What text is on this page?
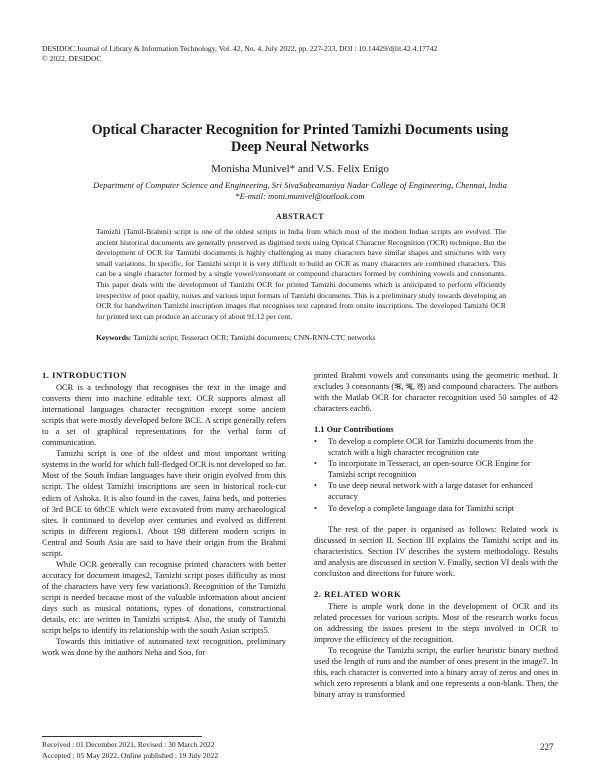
DESIDOC Journal of Library & Information Technology, Vol. 42, No. 4, July 2022, pp. 227-233, DOI : 10.14429/djlit.42.4.17742
© 2022, DESIDOC
Optical Character Recognition for Printed Tamizhi Documents using
Deep Neural Networks
Monisha Munivel* and V.S. Felix Enigo
Department of Computer Science and Engineering, Sri SivaSubramaniya Nadar College of Engineering, Chennai, India
*E-mail: moni.munivel@outlook.com
ABSTRACT
Tamizhi (Tamil-Brahmi) script is one of the oldest scripts in India from which most of the modern Indian scripts are evolved. The ancient historical documents are generally preserved as digitised texts using Optical Character Recognition (OCR) technique. But the development of OCR for Tamizhi documents is highly challenging as many characters have similar shapes and structures with very small variations. In specific, for Tamizhi script it is very difficult to build an OCR as many characters are combined characters. This can be a single character formed by a single vowel/consonant or compound characters formed by combining vowels and consonants. This paper deals with the development of Tamizhi OCR for printed Tamizhi documents which is anticipated to perform efficiently irrespective of poor quality, noises and various input formats of Tamizhi documents. This is a preliminary study towards developing an OCR for handwritten Tamizhi inscription images that recognises text captured from onsite inscriptions. The developed Tamizhi OCR for printed text can produce an accuracy of about 91.12 per cent.
Keywords: Tamizhi script; Tesseract OCR; Tamizhi documents; CNN-RNN-CTC networks
1. INTRODUCTION

OCR is a technology that recognises the text in the image and converts them into machine editable text. OCR supports almost all international languages character recognition except some ancient scripts that were mostly developed before BCE. A script generally refers to a set of graphical representations for the verbal form of communication.

Tamizhi script is one of the oldest and most important writing systems in the world for which full-fledged OCR is not developed so far. Most of the South Indian languages have their origin evolved from this script. The oldest Tamizhi inscriptions are seen in historical rock-cut edicts of Ashoka. It is also found in the caves, Jaina beds, and potteries of 3rd BCE to 6thCE which were excavated from many archaeological sites. It continued to develop over centuries and evolved as different scripts in different regions1. About 198 different modern scripts in Central and South Asia are said to have their origin from the Brahmi script.

While OCR generally can recognise printed characters with better accuracy for document images2, Tamizhi script poses difficulty as most of the characters have very few variations3. Recognition of the Tamizhi script is needed because most of the valuable information about ancient days such as musical notations, types of donations, constructional details, etc. are written in Tamizhi scripts4. Also, the study of Tamizhi script helps to identify its relationship with the south Asian scripts5.

Towards this initiative of automated text recognition, preliminary work was done by the authors Neha and Soo, for

printed Brahmi vowels and consonants using the geometric method. It excludes 3 consonants (ऋ, ॠ, ऌ) and compound characters. The authors with the Matlab OCR for character recognition used 50 samples of 42 characters each6.

1.1 Our Contributions
• To develop a complete OCR for Tamizhi documents from the scratch with a high character recognition rate
• To incorporate in Tesseract, an open-source OCR Engine for Tamizhi script recognition
• To use deep neural network with a large dataset for enhanced accuracy
• To develop a complete language data for Tamizhi script

The rest of the paper is organised as follows: Related work is discussed in section II. Section III explains the Tamizhi script and its characteristics. Section IV describes the system methodology. Results and analysis are discussed in section V. Finally, section VI deals with the conclusion and directions for future work.

2. RELATED WORK

There is ample work done in the development of OCR and its related processes for various scripts. Most of the research works focus on addressing the issues present in the steps involved in OCR to improve the efficiency of the recognition.

To recognise the Tamizhi script, the earlier heuristic binary method used the length of runs and the number of ones present in the image7. In this, each character is converted into a binary array of zeros and ones in which zero represents a blank and one represents a non-blank. Then, the binary array is transformed

Received : 01 December 2021, Revised : 30 March 2022
Accepted : 05 May 2022, Online published : 19 July 2022
227
